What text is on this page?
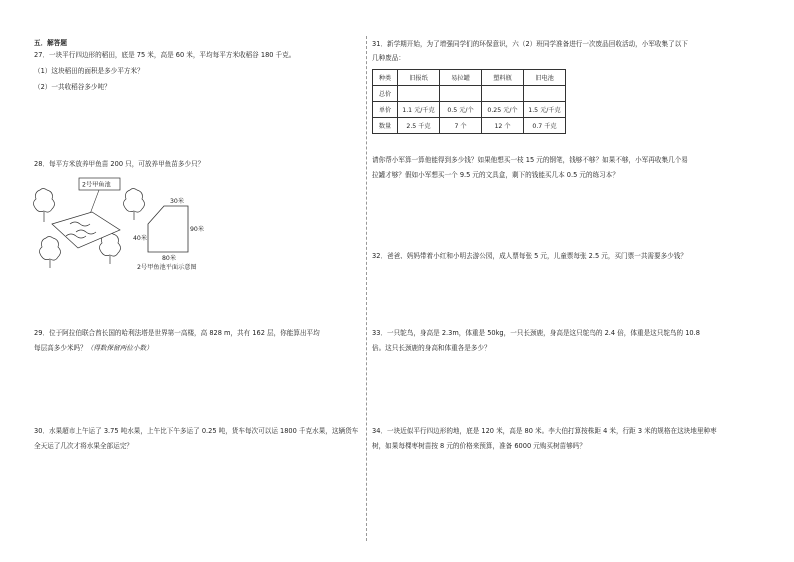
五．解答题
27．一块平行四边形的稻田，底是 75 米，高是 60 米，平均每平方米收稻谷 180 千克。
（1）这块稻田的面积是多少平方米？
（2）一共收稻谷多少吨？
28．每平方米放养甲鱼苗 200 只，可放养甲鱼苗多少只？
2号甲鱼池
30米
90米
40米
80米
2号甲鱼池平面示意图
29．位于阿拉伯联合酋长国的哈利法塔是世界第一高楼，高 828 m，共有 162 层，你能算出平均
每层高多少米吗？（得数保留两位小数）
30．水果超市上午运了 3.75 吨水果，上午比下午多运了 0.25 吨，货车每次可以运 1800 千克水果，这辆货车
全天运了几次才将水果全部运完？
31．新学期开始，为了增强同学们的环保意识，六（2）班同学准备进行一次废品回收活动，小军收集了以下
几种废品：
种类	旧报纸	易拉罐	塑料瓶	旧电池
总价				
单价	1.1 元/千克	0.5 元/个	0.25 元/个	1.5 元/千克
数量	2.5 千克	7 个	12 个	0.7 千克
请你帮小军算一算他能得到多少钱？如果他想买一枝 15 元的钢笔，钱够不够？如果不够，小军再收集几个易
拉罐才够？假如小军想买一个 9.5 元的文具盒，剩下的钱能买几本 0.5 元的练习本？
32．爸爸、妈妈带着小红和小明去游公园，成人票每张 5 元，儿童票每张 2.5 元，买门票一共需要多少钱？
33．一只鸵鸟，身高是 2.3m，体重是 50kg，一只长颈鹿，身高是这只鸵鸟的 2.4 倍，体重是这只鸵鸟的 10.8
倍。这只长颈鹿的身高和体重各是多少？
34．一块近似平行四边形的地，底是 120 米，高是 80 米。李大伯打算按株距 4 米，行距 3 米的规格在这块地里种枣
树，如果每棵枣树苗按 8 元的价格来预算，准备 6000 元购买树苗够吗？
